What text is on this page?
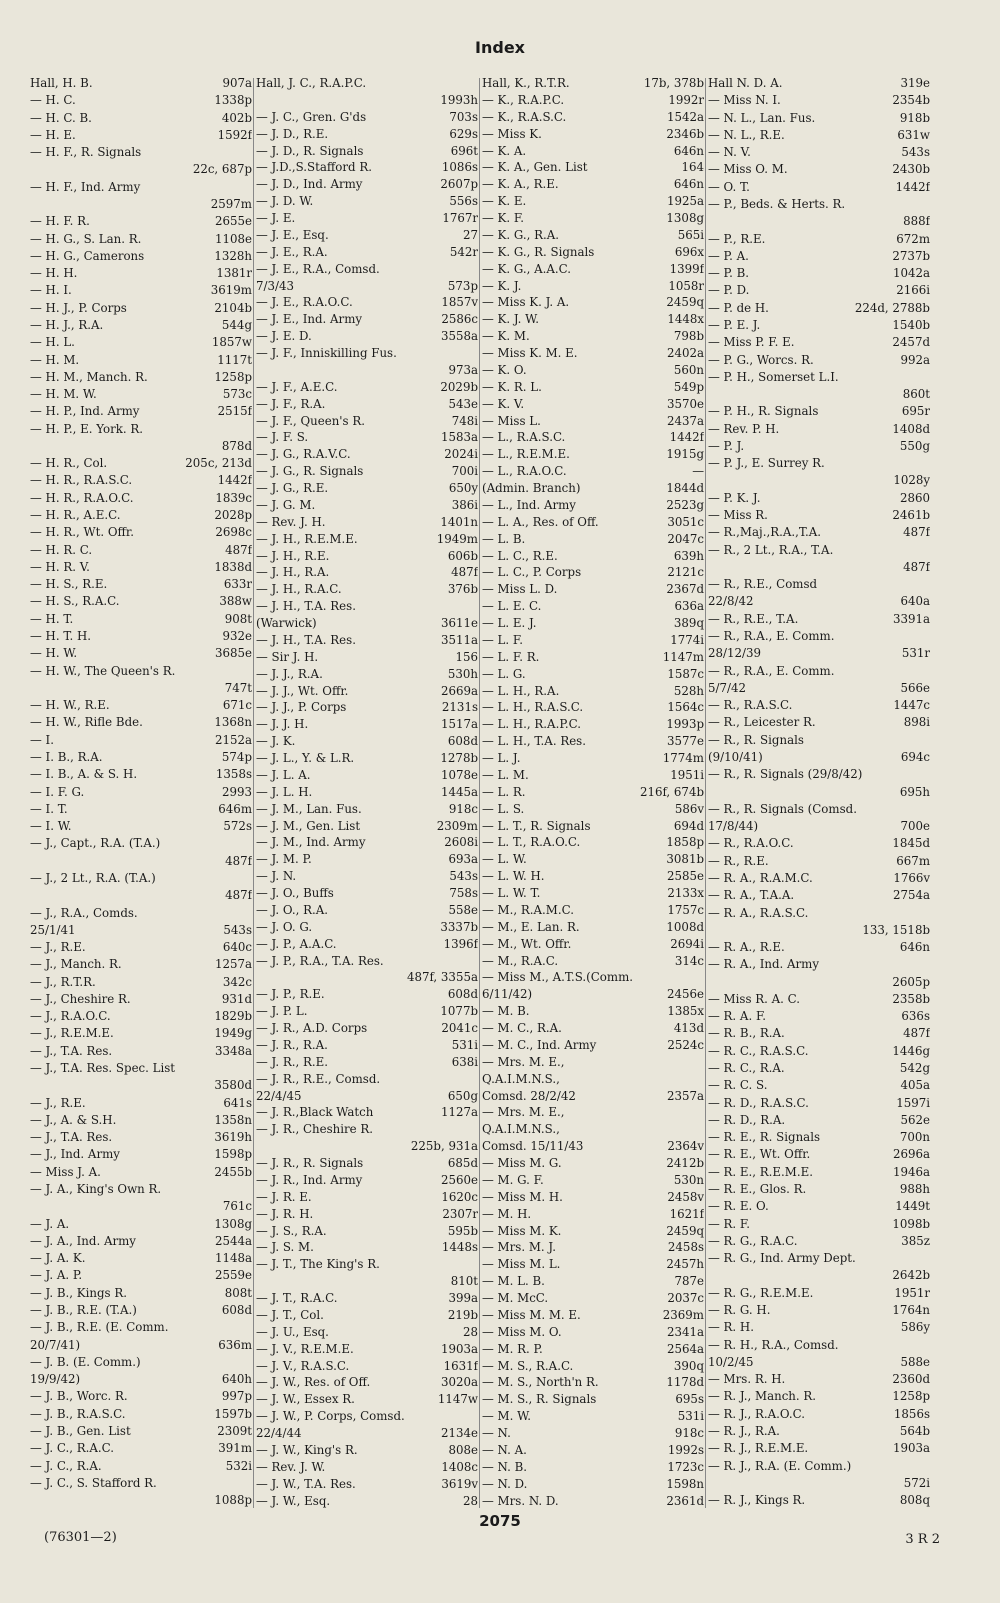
Index
Hall, H. B.	907a
— H. C.	1338p
— H. C. B.	402b
— H. E.	1592f
— H. F., R. Signals
22c, 687p
— H. F., Ind. Army
2597m
— H. F. R.	2655e
— H. G., S. Lan. R.	1108e
— H. G., Camerons	1328h
— H. H.	1381r
— H. I.	3619m
— H. J., P. Corps	2104b
— H. J., R.A.	544g
— H. L.	1857w
— H. M.	1117t
— H. M., Manch. R.	1258p
— H. M. W.	573c
— H. P., Ind. Army	2515f
— H. P., E. York. R.
878d
— H. R., Col.	205c, 213d
— H. R., R.A.S.C.	1442f
— H. R., R.A.O.C.	1839c
— H. R., A.E.C.	2028p
— H. R., Wt. Offr.	2698c
— H. R. C.	487f
— H. R. V.	1838d
— H. S., R.E.	633r
— H. S., R.A.C.	388w
— H. T.	908t
— H. T. H.	932e
— H. W.	3685e
— H. W., The Queen's R.
747t
— H. W., R.E.	671c
— H. W., Rifle Bde.	1368n
— I.	2152a
— I. B., R.A.	574p
— I. B., A. & S. H.	1358s
— I. F. G.	2993
— I. T.	646m
— I. W.	572s
— J., Capt., R.A. (T.A.)
487f
— J., 2 Lt., R.A. (T.A.)
487f
— J., R.A., Comds.
25/1/41	543s
— J., R.E.	640c
— J., Manch. R.	1257a
— J., R.T.R.	342c
— J., Cheshire R.	931d
— J., R.A.O.C.	1829b
— J., R.E.M.E.	1949g
— J., T.A. Res.	3348a
— J., T.A. Res. Spec. List
3580d
— J., R.E.	641s
— J., A. & S.H.	1358n
— J., T.A. Res.	3619h
— J., Ind. Army	1598p
— Miss J. A.	2455b
— J. A., King's Own R.
761c
— J. A.	1308g
— J. A., Ind. Army	2544a
— J. A. K.	1148a
— J. A. P.	2559e
— J. B., Kings R.	808t
— J. B., R.E. (T.A.)	608d
— J. B., R.E. (E. Comm.
20/7/41)	636m
— J. B. (E. Comm.)
19/9/42)	640h
— J. B., Worc. R.	997p
— J. B., R.A.S.C.	1597b
— J. B., Gen. List	2309t
— J. C., R.A.C.	391m
— J. C., R.A.	532i
— J. C., S. Stafford R.
1088p
Hall, J. C., R.A.P.C.
1993h
— J. C., Gren. G'ds	703s
— J. D., R.E.	629s
— J. D., R. Signals	696t
— J.D.,S.Stafford R.	1086s
— J. D., Ind. Army	2607p
— J. D. W.	556s
— J. E.	1767r
— J. E., Esq.	27
— J. E., R.A.	542r
— J. E., R.A., Comsd.
7/3/43	573p
— J. E., R.A.O.C.	1857v
— J. E., Ind. Army	2586c
— J. E. D.	3558a
— J. F., Inniskilling Fus.
973a
— J. F., A.E.C.	2029b
— J. F., R.A.	543e
— J. F., Queen's R.	748i
— J. F. S.	1583a
— J. G., R.A.V.C.	2024i
— J. G., R. Signals	700i
— J. G., R.E.	650y
— J. G. M.	386i
— Rev. J. H.	1401n
— J. H., R.E.M.E.	1949m
— J. H., R.E.	606b
— J. H., R.A.	487f
— J. H., R.A.C.	376b
— J. H., T.A. Res.
(Warwick)	3611e
— J. H., T.A. Res.	3511a
— Sir J. H.	156
— J. J., R.A.	530h
— J. J., Wt. Offr.	2669a
— J. J., P. Corps	2131s
— J. J. H.	1517a
— J. K.	608d
— J. L., Y. & L.R.	1278b
— J. L. A.	1078e
— J. L. H.	1445a
— J. M., Lan. Fus.	918c
— J. M., Gen. List	2309m
— J. M., Ind. Army	2608i
— J. M. P.	693a
— J. N.	543s
— J. O., Buffs	758s
— J. O., R.A.	558e
— J. O. G.	3337b
— J. P., A.A.C.	1396f
— J. P., R.A., T.A. Res.
487f, 3355a
— J. P., R.E.	608d
— J. P. L.	1077b
— J. R., A.D. Corps	2041c
— J. R., R.A.	531i
— J. R., R.E.	638i
— J. R., R.E., Comsd.
22/4/45	650g
— J. R.,Black Watch	1127a
— J. R., Cheshire R.
225b, 931a
— J. R., R. Signals	685d
— J. R., Ind. Army	2560e
— J. R. E.	1620c
— J. R. H.	2307r
— J. S., R.A.	595b
— J. S. M.	1448s
— J. T., The King's R.
810t
— J. T., R.A.C.	399a
— J. T., Col.	219b
— J. U., Esq.	28
— J. V., R.E.M.E.	1903a
— J. V., R.A.S.C.	1631f
— J. W., Res. of Off.	3020a
— J. W., Essex R.	1147w
— J. W., P. Corps, Comsd.
22/4/44	2134e
— J. W., King's R.	808e
— Rev. J. W.	1408c
— J. W., T.A. Res.	3619v
— J. W., Esq.	28
Hall, K., R.T.R.	17b, 378b
— K., R.A.P.C.	1992r
— K., R.A.S.C.	1542a
— Miss K.	2346b
— K. A.	646n
— K. A., Gen. List	164
— K. A., R.E.	646n
— K. E.	1925a
— K. F.	1308g
— K. G., R.A.	565i
— K. G., R. Signals	696x
— K. G., A.A.C.	1399f
— K. J.	1058r
— Miss K. J. A.	2459q
— K. J. W.	1448x
— K. M.	798b
— Miss K. M. E.	2402a
— K. O.	560n
— K. R. L.	549p
— K. V.	3570e
— Miss L.	2437a
— L., R.A.S.C.	1442f
— L., R.E.M.E.	1915g
— L., R.A.O.C.	—
(Admin. Branch)	1844d
— L., Ind. Army	2523g
— L. A., Res. of Off.	3051c
— L. B.	2047c
— L. C., R.E.	639h
— L. C., P. Corps	2121c
— Miss L. D.	2367d
— L. E. C.	636a
— L. E. J.	389q
— L. F.	1774i
— L. F. R.	1147m
— L. G.	1587c
— L. H., R.A.	528h
— L. H., R.A.S.C.	1564c
— L. H., R.A.P.C.	1993p
— L. H., T.A. Res.	3577e
— L. J.	1774m
— L. M.	1951i
— L. R.	216f, 674b
— L. S.	586v
— L. T., R. Signals	694d
— L. T., R.A.O.C.	1858p
— L. W.	3081b
— L. W. H.	2585e
— L. W. T.	2133x
— M., R.A.M.C.	1757c
— M., E. Lan. R.	1008d
— M., Wt. Offr.	2694i
— M., R.A.C.	314c
— Miss M., A.T.S.(Comm.
6/11/42)	2456e
— M. B.	1385x
— M. C., R.A.	413d
— M. C., Ind. Army	2524c
— Mrs. M. E.,
Q.A.I.M.N.S.,
Comsd. 28/2/42	2357a
— Mrs. M. E.,
Q.A.I.M.N.S.,
Comsd. 15/11/43	2364v
— Miss M. G.	2412b
— M. G. F.	530n
— Miss M. H.	2458v
— M. H.	1621f
— Miss M. K.	2459q
— Mrs. M. J.	2458s
— Miss M. L.	2457h
— M. L. B.	787e
— M. McC.	2037c
— Miss M. M. E.	2369m
— Miss M. O.	2341a
— M. R. P.	2564a
— M. S., R.A.C.	390q
— M. S., North'n R.	1178d
— M. S., R. Signals	695s
— M. W.	531i
— N.	918c
— N. A.	1992s
— N. B.	1723c
— N. D.	1598n
— Mrs. N. D.	2361d
Hall N. D. A.	319e
— Miss N. I.	2354b
— N. L., Lan. Fus.	918b
— N. L., R.E.	631w
— N. V.	543s
— Miss O. M.	2430b
— O. T.	1442f
— P., Beds. & Herts. R.
888f
— P., R.E.	672m
— P. A.	2737b
— P. B.	1042a
— P. D.	2166i
— P. de H.	224d, 2788b
— P. E. J.	1540b
— Miss P. F. E.	2457d
— P. G., Worcs. R.	992a
— P. H., Somerset L.I.
860t
— P. H., R. Signals	695r
— Rev. P. H.	1408d
— P. J.	550g
— P. J., E. Surrey R.
1028y
— P. K. J.	2860
— Miss R.	2461b
— R.,Maj.,R.A.,T.A.	487f
— R., 2 Lt., R.A., T.A.
487f
— R., R.E., Comsd
22/8/42	640a
— R., R.E., T.A.	3391a
— R., R.A., E. Comm.
28/12/39	531r
— R., R.A., E. Comm.
5/7/42	566e
— R., R.A.S.C.	1447c
— R., Leicester R.	898i
— R., R. Signals
(9/10/41)	694c
— R., R. Signals (29/8/42)
695h
— R., R. Signals (Comsd.
17/8/44)	700e
— R., R.A.O.C.	1845d
— R., R.E.	667m
— R. A., R.A.M.C.	1766v
— R. A., T.A.A.	2754a
— R. A., R.A.S.C.
133, 1518b
— R. A., R.E.	646n
— R. A., Ind. Army
2605p
— Miss R. A. C.	2358b
— R. A. F.	636s
— R. B., R.A.	487f
— R. C., R.A.S.C.	1446g
— R. C., R.A.	542g
— R. C. S.	405a
— R. D., R.A.S.C.	1597i
— R. D., R.A.	562e
— R. E., R. Signals	700n
— R. E., Wt. Offr.	2696a
— R. E., R.E.M.E.	1946a
— R. E., Glos. R.	988h
— R. E. O.	1449t
— R. F.	1098b
— R. G., R.A.C.	385z
— R. G., Ind. Army Dept.
2642b
— R. G., R.E.M.E.	1951r
— R. G. H.	1764n
— R. H.	586y
— R. H., R.A., Comsd.
10/2/45	588e
— Mrs. R. H.	2360d
— R. J., Manch. R.	1258p
— R. J., R.A.O.C.	1856s
— R. J., R.A.	564b
— R. J., R.E.M.E.	1903a
— R. J., R.A. (E. Comm.)
572i
— R. J., Kings R.	808q
2075
(76301—2)	3 R 2
